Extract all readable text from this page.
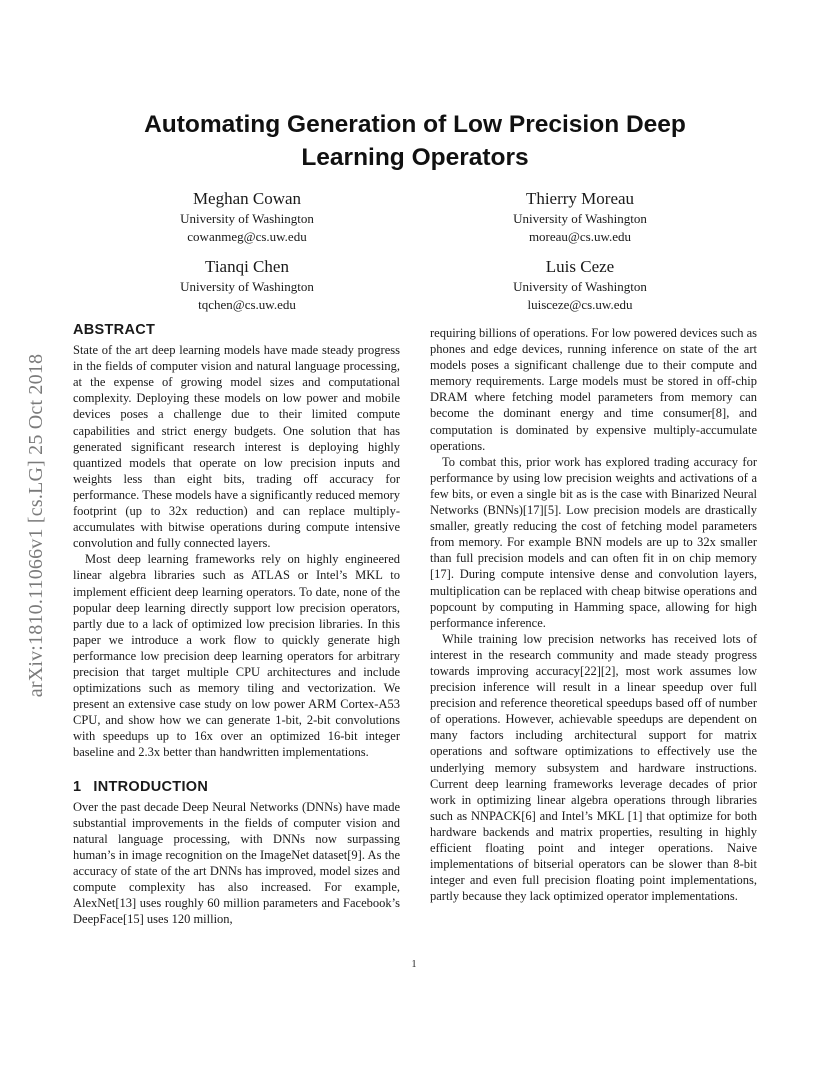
arXiv:1810.11066v1 [cs.LG] 25 Oct 2018
Automating Generation of Low Precision Deep Learning Operators
Meghan Cowan
University of Washington
cowanmeg@cs.uw.edu
Thierry Moreau
University of Washington
moreau@cs.uw.edu
Tianqi Chen
University of Washington
tqchen@cs.uw.edu
Luis Ceze
University of Washington
luisceze@cs.uw.edu
ABSTRACT

State of the art deep learning models have made steady progress in the fields of computer vision and natural language processing, at the expense of growing model sizes and computational complexity. Deploying these models on low power and mobile devices poses a challenge due to their limited compute capabilities and strict energy budgets. One solution that has generated significant research interest is deploying highly quantized models that operate on low precision inputs and weights less than eight bits, trading off accuracy for performance. These models have a significantly reduced memory footprint (up to 32x reduction) and can replace multiply-accumulates with bitwise operations during compute intensive convolution and fully connected layers.

Most deep learning frameworks rely on highly engineered linear algebra libraries such as ATLAS or Intel’s MKL to implement efficient deep learning operators. To date, none of the popular deep learning directly support low precision operators, partly due to a lack of optimized low precision libraries. In this paper we introduce a work flow to quickly generate high performance low precision deep learning operators for arbitrary precision that target multiple CPU architectures and include optimizations such as memory tiling and vectorization. We present an extensive case study on low power ARM Cortex-A53 CPU, and show how we can generate 1-bit, 2-bit convolutions with speedups up to 16x over an optimized 16-bit integer baseline and 2.3x better than handwritten implementations.

1 INTRODUCTION

Over the past decade Deep Neural Networks (DNNs) have made substantial improvements in the fields of computer vision and natural language processing, with DNNs now surpassing human’s in image recognition on the ImageNet dataset[9]. As the accuracy of state of the art DNNs has improved, model sizes and compute complexity has also increased. For example, AlexNet[13] uses roughly 60 million parameters and Facebook’s DeepFace[15] uses 120 million,

requiring billions of operations. For low powered devices such as phones and edge devices, running inference on state of the art models poses a significant challenge due to their compute and memory requirements. Large models must be stored in off-chip DRAM where fetching model parameters from memory can become the dominant energy and time consumer[8], and computation is dominated by expensive multiply-accumulate operations.

To combat this, prior work has explored trading accuracy for performance by using low precision weights and activations of a few bits, or even a single bit as is the case with Binarized Neural Networks (BNNs)[17][5]. Low precision models are drastically smaller, greatly reducing the cost of fetching model parameters from memory. For example BNN models are up to 32x smaller than full precision models and can often fit in on chip memory [17]. During compute intensive dense and convolution layers, multiplication can be replaced with cheap bitwise operations and popcount by computing in Hamming space, allowing for high performance inference.

While training low precision networks has received lots of interest in the research community and made steady progress towards improving accuracy[22][2], most work assumes low precision inference will result in a linear speedup over full precision and reference theoretical speedups based off of number of operations. However, achievable speedups are dependent on many factors including architectural support for matrix operations and software optimizations to effectively use the underlying memory subsystem and hardware instructions. Current deep learning frameworks leverage decades of prior work in optimizing linear algebra operations through libraries such as NNPACK[6] and Intel’s MKL [1] that optimize for both hardware backends and matrix properties, resulting in highly efficient floating point and integer operations. Naive implementations of bitserial operators can be slower than 8-bit integer and even full precision floating point implementations, partly because they lack optimized operator implementations.

1
